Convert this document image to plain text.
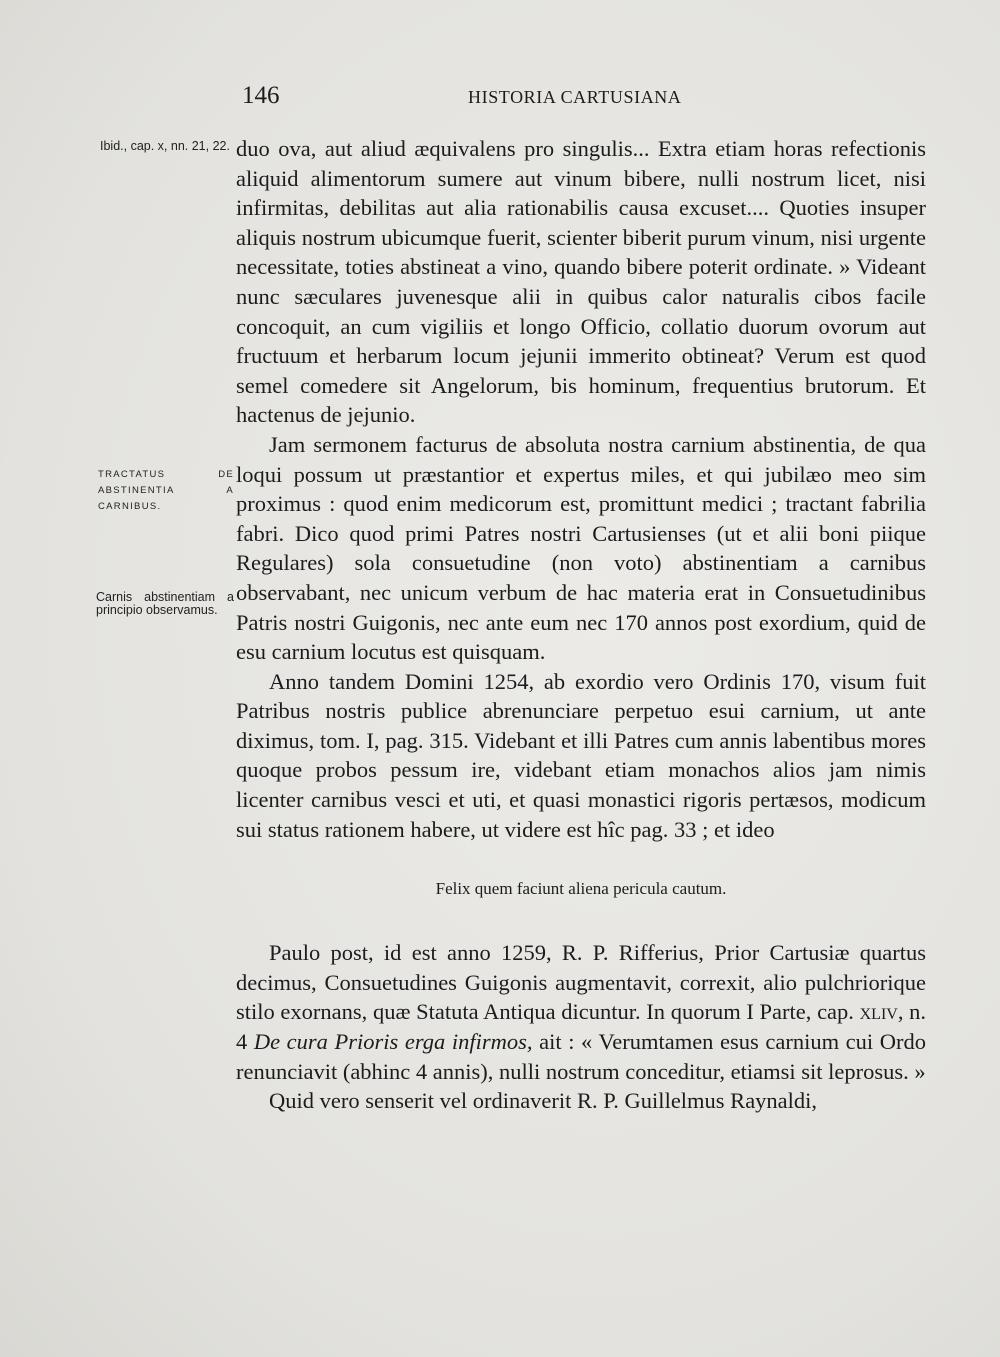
146	HISTORIA CARTUSIANA
Ibid., cap. x, nn. 21, 22.
TRACTATUS DE ABSTINENTIA A CARNIBUS.
Carnis abstinentiam a principio observamus.

duo ova, aut aliud æquivalens pro singulis... Extra etiam horas refectionis aliquid alimentorum sumere aut vinum bibere, nulli nostrum licet, nisi infirmitas, debilitas aut alia rationabilis causa excuset.... Quoties insuper aliquis nostrum ubicumque fuerit, scienter biberit purum vinum, nisi urgente necessitate, toties abstineat a vino, quando bibere poterit ordinate. » Videant nunc sæculares juvenesque alii in quibus calor naturalis cibos facile concoquit, an cum vigiliis et longo Officio, collatio duorum ovorum aut fructuum et herbarum locum jejunii immerito obtineat? Verum est quod semel comedere sit Angelorum, bis hominum, frequentius brutorum. Et hactenus de jejunio.

Jam sermonem facturus de absoluta nostra carnium abstinentia, de qua loqui possum ut præstantior et expertus miles, et qui jubilæo meo sim proximus : quod enim medicorum est, promittunt medici ; tractant fabrilia fabri. Dico quod primi Patres nostri Cartusienses (ut et alii boni piique Regulares) sola consuetudine (non voto) abstinentiam a carnibus observabant, nec unicum verbum de hac materia erat in Consuetudinibus Patris nostri Guigonis, nec ante eum nec 170 annos post exordium, quid de esu carnium locutus est quisquam.

Anno tandem Domini 1254, ab exordio vero Ordinis 170, visum fuit Patribus nostris publice abrenunciare perpetuo esui carnium, ut ante diximus, tom. I, pag. 315. Videbant et illi Patres cum annis labentibus mores quoque probos pessum ire, videbant etiam monachos alios jam nimis licenter carnibus vesci et uti, et quasi monastici rigoris pertæsos, modicum sui status rationem habere, ut videre est hîc pag. 33 ; et ideo

Felix quem faciunt aliena pericula cautum.

Paulo post, id est anno 1259, R. P. Rifferius, Prior Cartusiæ quartus decimus, Consuetudines Guigonis augmentavit, correxit, alio pulchriorique stilo exornans, quæ Statuta Antiqua dicuntur. In quorum I Parte, cap. xliv, n. 4 De cura Prioris erga infirmos, ait : « Verumtamen esus carnium cui Ordo renunciavit (abhinc 4 annis), nulli nostrum conceditur, etiamsi sit leprosus. »

Quid vero senserit vel ordinaverit R. P. Guillelmus Raynaldi,
